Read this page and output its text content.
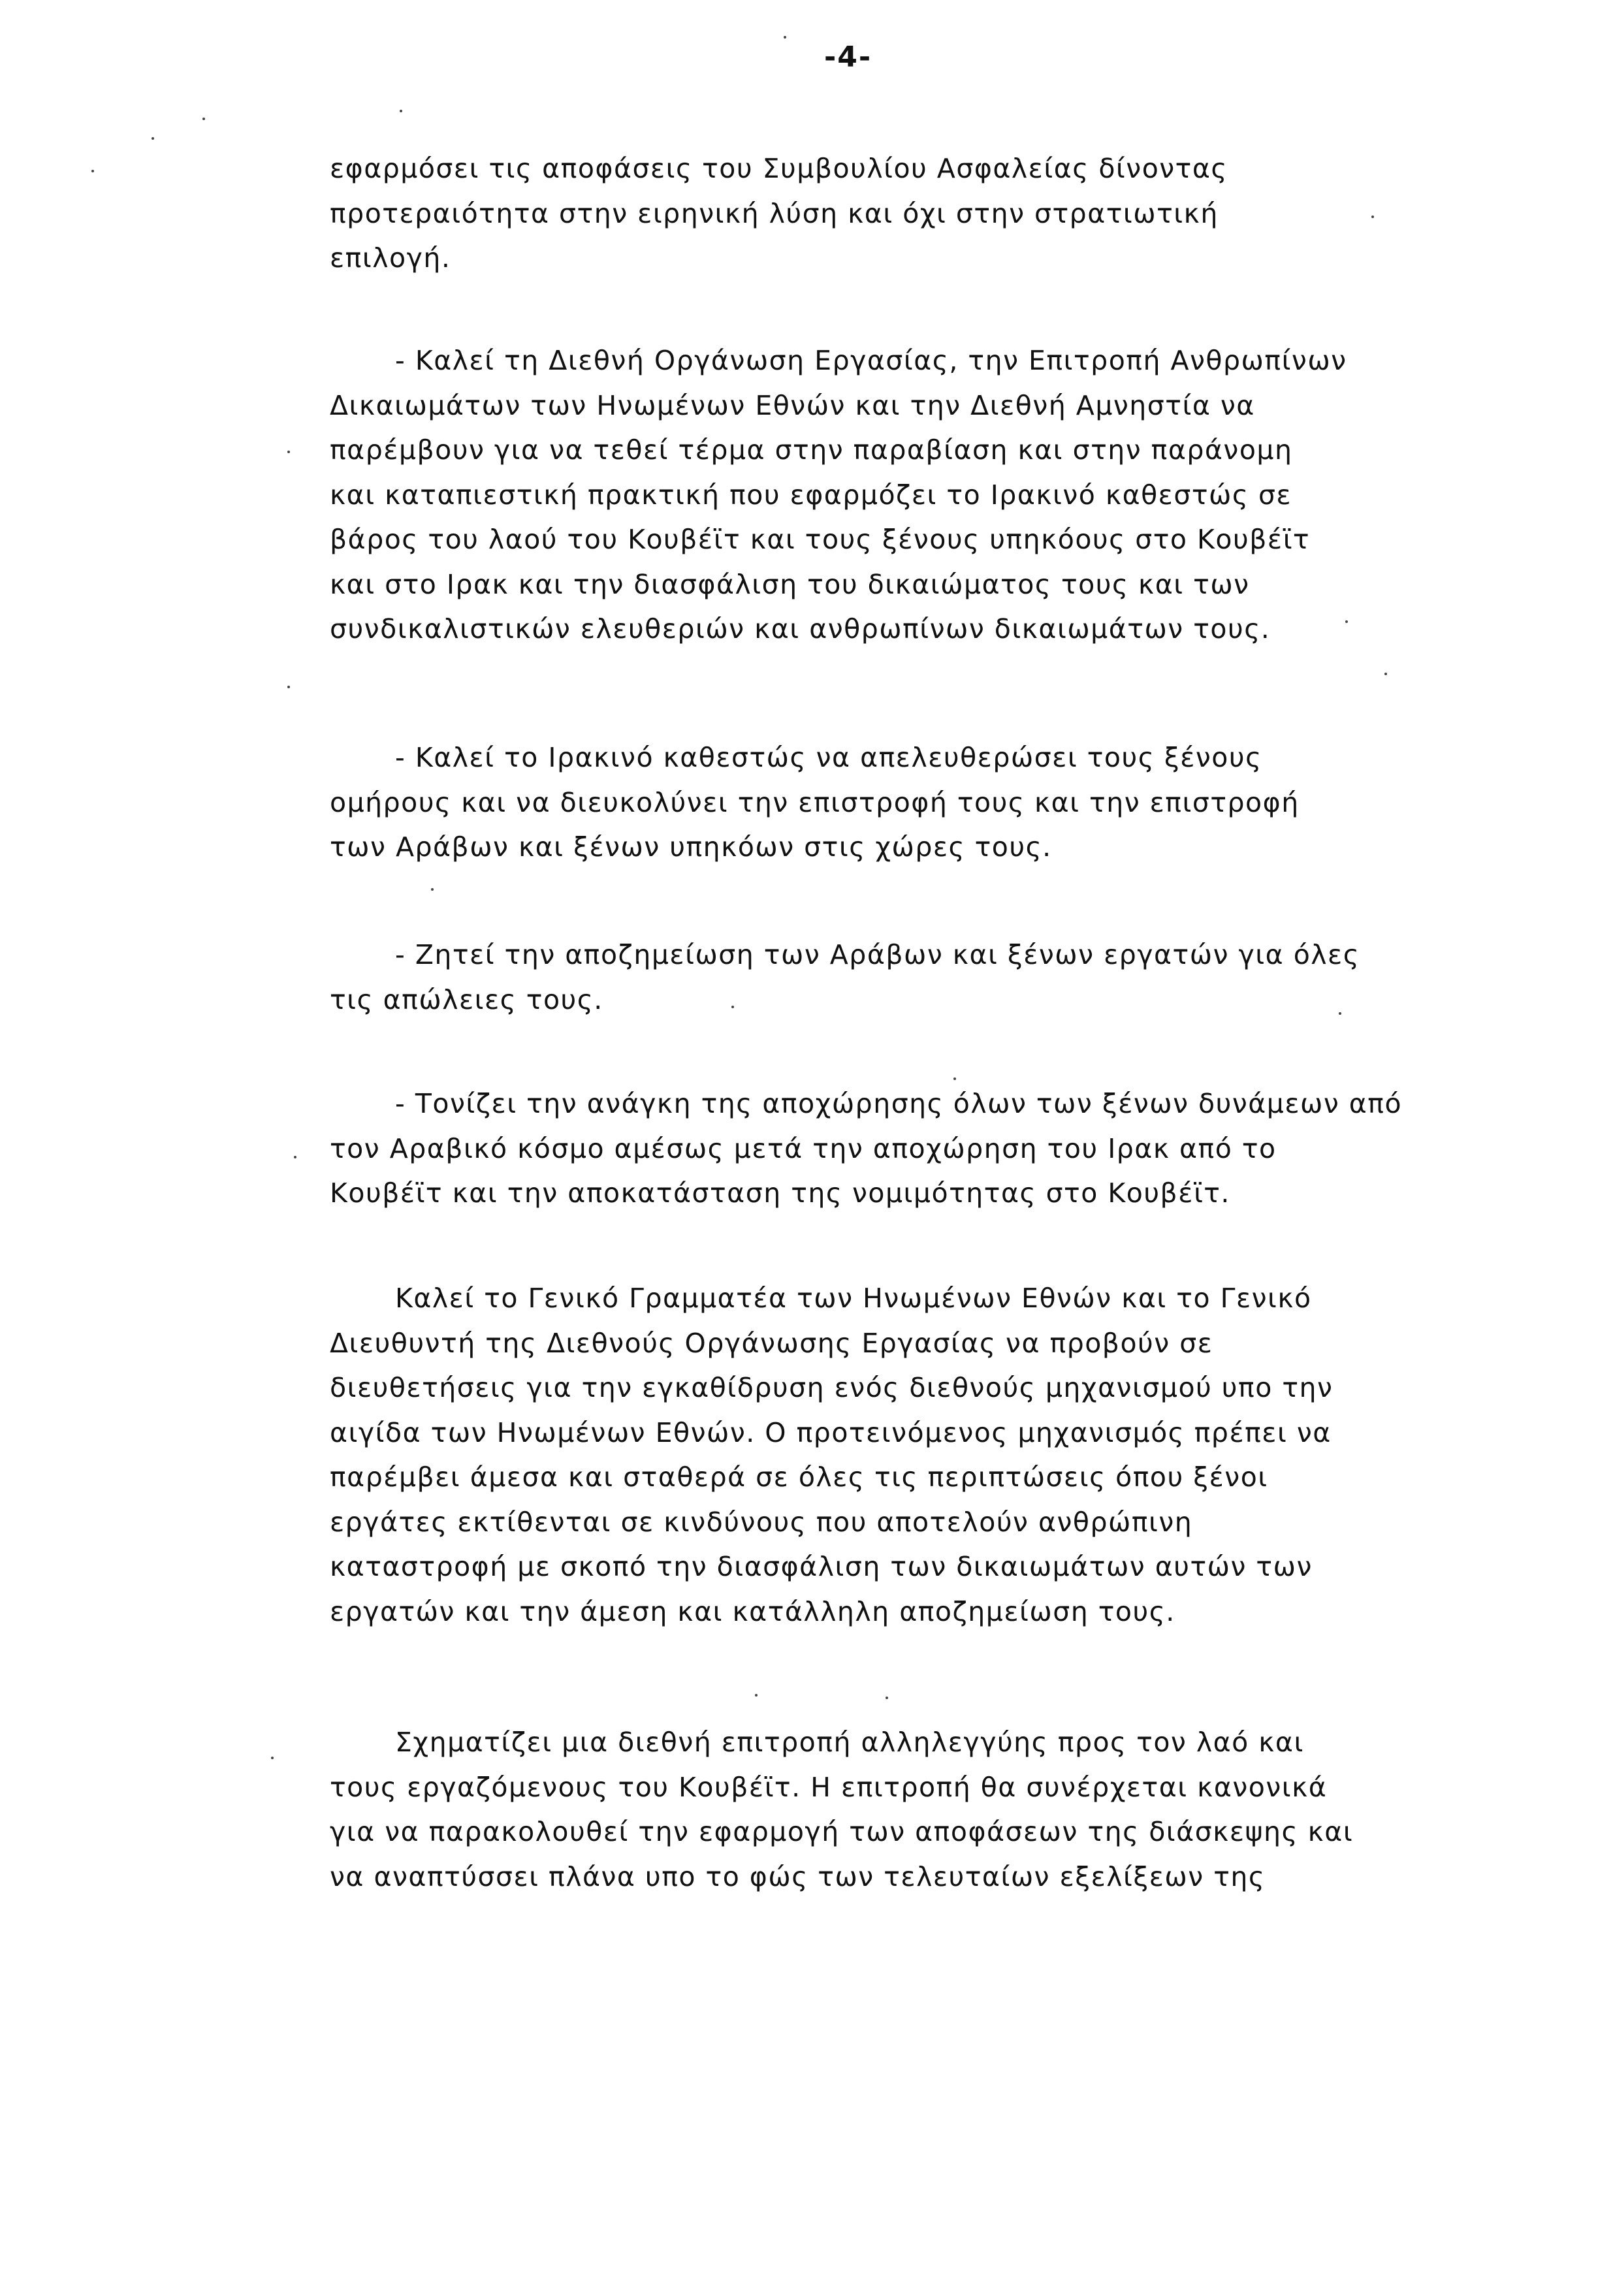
-4-
εφαρμόσει τις αποφάσεις του Συμβουλίου Ασφαλείας δίνοντας
προτεραιότητα στην ειρηνική λύση και όχι στην στρατιωτική
επιλογή.
- Καλεί τη Διεθνή Οργάνωση Εργασίας, την Επιτροπή Ανθρωπίνων
Δικαιωμάτων των Ηνωμένων Εθνών και την Διεθνή Αμνηστία να
παρέμβουν για να τεθεί τέρμα στην παραβίαση και στην παράνομη
και καταπιεστική πρακτική που εφαρμόζει το Ιρακινό καθεστώς σε
βάρος του λαού του Κουβέϊτ και τους ξένους υπηκόους στο Κουβέϊτ
και στο Ιρακ και την διασφάλιση του δικαιώματος τους και των
συνδικαλιστικών ελευθεριών και ανθρωπίνων δικαιωμάτων τους.
- Καλεί το Ιρακινό καθεστώς να απελευθερώσει τους ξένους
ομήρους και να διευκολύνει την επιστροφή τους και την επιστροφή
των Αράβων και ξένων υπηκόων στις χώρες τους.
- Ζητεί την αποζημείωση των Αράβων και ξένων εργατών για όλες
τις απώλειες τους.
- Τονίζει την ανάγκη της αποχώρησης όλων των ξένων δυνάμεων από
τον Αραβικό κόσμο αμέσως μετά την αποχώρηση του Ιρακ από το
Κουβέϊτ και την αποκατάσταση της νομιμότητας στο Κουβέϊτ.
Καλεί το Γενικό Γραμματέα των Ηνωμένων Εθνών και το Γενικό
Διευθυντή της Διεθνούς Οργάνωσης Εργασίας να προβούν σε
διευθετήσεις για την εγκαθίδρυση ενός διεθνούς μηχανισμού υπο την
αιγίδα των Ηνωμένων Εθνών. Ο προτεινόμενος μηχανισμός πρέπει να
παρέμβει άμεσα και σταθερά σε όλες τις περιπτώσεις όπου ξένοι
εργάτες εκτίθενται σε κινδύνους που αποτελούν ανθρώπινη
καταστροφή με σκοπό την διασφάλιση των δικαιωμάτων αυτών των
εργατών και την άμεση και κατάλληλη αποζημείωση τους.
Σχηματίζει μια διεθνή επιτροπή αλληλεγγύης προς τον λαό και
τους εργαζόμενους του Κουβέϊτ. Η επιτροπή θα συνέρχεται κανονικά
για να παρακολουθεί την εφαρμογή των αποφάσεων της διάσκεψης και
να αναπτύσσει πλάνα υπο το φώς των τελευταίων εξελίξεων της
